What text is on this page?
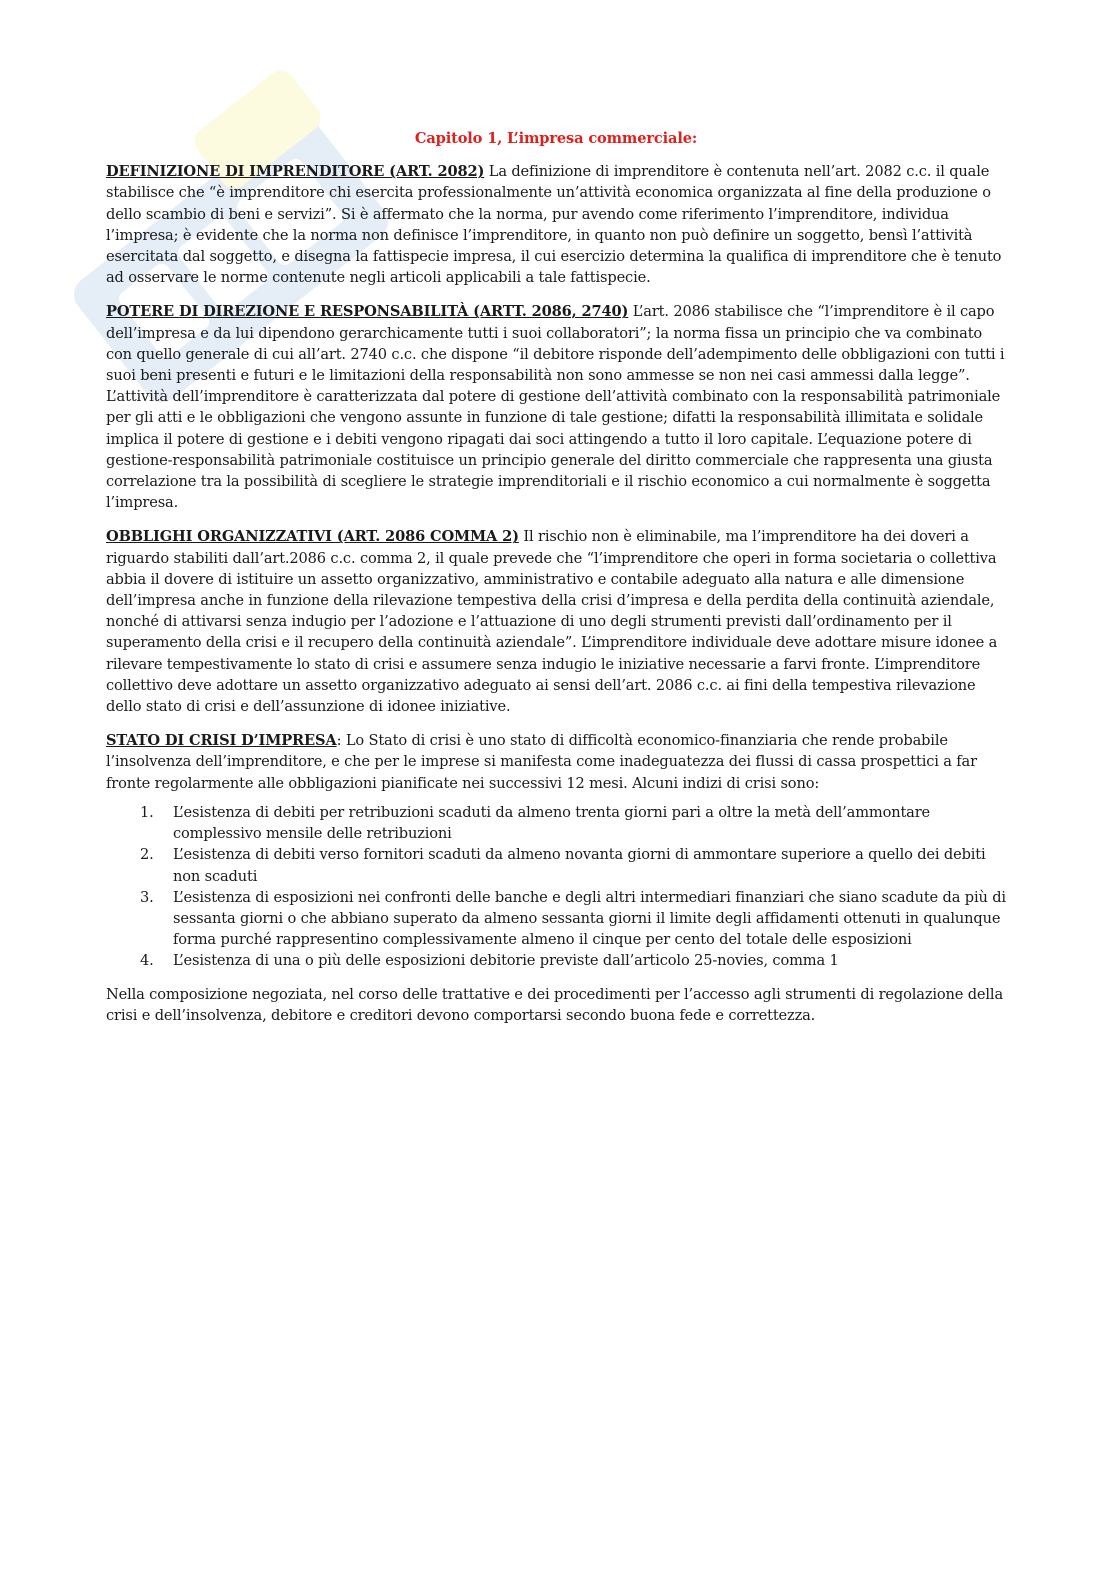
Capitolo 1, L’impresa commerciale:

DEFINIZIONE DI IMPRENDITORE (ART. 2082) La definizione di imprenditore è contenuta nell’art. 2082 c.c. il quale stabilisce che “è imprenditore chi esercita professionalmente un’attività economica organizzata al fine della produzione o dello scambio di beni e servizi”. Si è affermato che la norma, pur avendo come riferimento l’imprenditore, individua l’impresa; è evidente che la norma non definisce l’imprenditore, in quanto non può definire un soggetto, bensì l’attività esercitata dal soggetto, e disegna la fattispecie impresa, il cui esercizio determina la qualifica di imprenditore che è tenuto ad osservare le norme contenute negli articoli applicabili a tale fattispecie.

POTERE DI DIREZIONE E RESPONSABILITÀ (ARTT. 2086, 2740) L’art. 2086 stabilisce che “l’imprenditore è il capo dell’impresa e da lui dipendono gerarchicamente tutti i suoi collaboratori”; la norma fissa un principio che va combinato con quello generale di cui all’art. 2740 c.c. che dispone “il debitore risponde dell’adempimento delle obbligazioni con tutti i suoi beni presenti e futuri e le limitazioni della responsabilità non sono ammesse se non nei casi ammessi dalla legge”. L’attività dell’imprenditore è caratterizzata dal potere di gestione dell’attività combinato con la responsabilità patrimoniale per gli atti e le obbligazioni che vengono assunte in funzione di tale gestione; difatti la responsabilità illimitata e solidale implica il potere di gestione e i debiti vengono ripagati dai soci attingendo a tutto il loro capitale. L’equazione potere di gestione-responsabilità patrimoniale costituisce un principio generale del diritto commerciale che rappresenta una giusta correlazione tra la possibilità di scegliere le strategie imprenditoriali e il rischio economico a cui normalmente è soggetta l’impresa.

OBBLIGHI ORGANIZZATIVI (ART. 2086 COMMA 2) Il rischio non è eliminabile, ma l’imprenditore ha dei doveri a riguardo stabiliti dall’art.2086 c.c. comma 2, il quale prevede che “l’imprenditore che operi in forma societaria o collettiva abbia il dovere di istituire un assetto organizzativo, amministrativo e contabile adeguato alla natura e alle dimensione dell’impresa anche in funzione della rilevazione tempestiva della crisi d’impresa e della perdita della continuità aziendale, nonché di attivarsi senza indugio per l’adozione e l’attuazione di uno degli strumenti previsti dall’ordinamento per il superamento della crisi e il recupero della continuità aziendale”. L’imprenditore individuale deve adottare misure idonee a rilevare tempestivamente lo stato di crisi e assumere senza indugio le iniziative necessarie a farvi fronte. L’imprenditore collettivo deve adottare un assetto organizzativo adeguato ai sensi dell’art. 2086 c.c. ai fini della tempestiva rilevazione dello stato di crisi e dell’assunzione di idonee iniziative.

STATO DI CRISI D’IMPRESA: Lo Stato di crisi è uno stato di difficoltà economico-finanziaria che rende probabile l’insolvenza dell’imprenditore, e che per le imprese si manifesta come inadeguatezza dei flussi di cassa prospettici a far fronte regolarmente alle obbligazioni pianificate nei successivi 12 mesi. Alcuni indizi di crisi sono:

1. L’esistenza di debiti per retribuzioni scaduti da almeno trenta giorni pari a oltre la metà dell’ammontare complessivo mensile delle retribuzioni
2. L’esistenza di debiti verso fornitori scaduti da almeno novanta giorni di ammontare superiore a quello dei debiti non scaduti
3. L’esistenza di esposizioni nei confronti delle banche e degli altri intermediari finanziari che siano scadute da più di sessanta giorni o che abbiano superato da almeno sessanta giorni il limite degli affidamenti ottenuti in qualunque forma purché rappresentino complessivamente almeno il cinque per cento del totale delle esposizioni
4. L’esistenza di una o più delle esposizioni debitorie previste dall’articolo 25-novies, comma 1

Nella composizione negoziata, nel corso delle trattative e dei procedimenti per l’accesso agli strumenti di regolazione della crisi e dell’insolvenza, debitore e creditori devono comportarsi secondo buona fede e correttezza.
